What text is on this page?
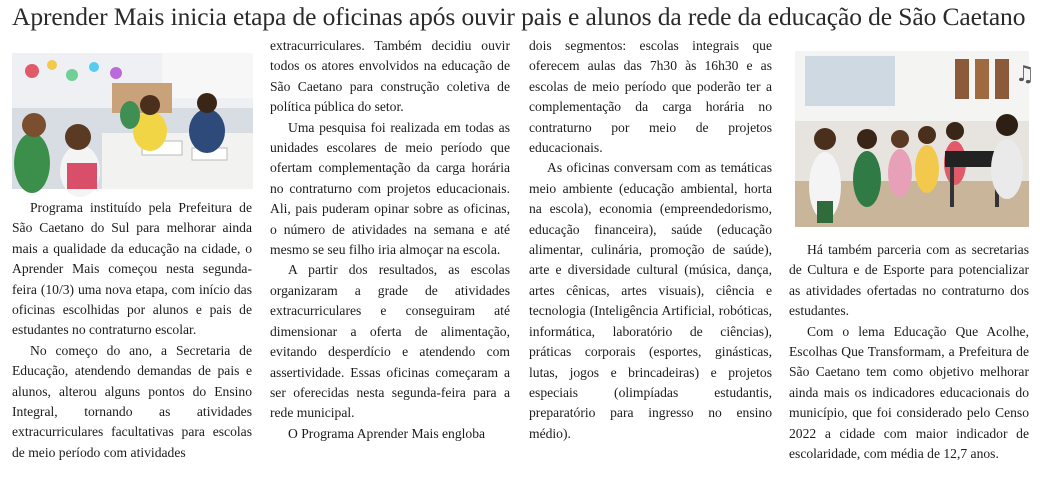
Aprender Mais inicia etapa de oficinas após ouvir pais e alunos da rede da educação de São Caetano
♫

Programa instituído pela Prefeitura de São Caetano do Sul para melhorar ainda mais a qualidade da educação na cidade, o Aprender Mais começou nesta segunda-feira (10/3) uma nova etapa, com início das oficinas escolhidas por alunos e pais de estudantes no contraturno escolar.

No começo do ano, a Secretaria de Educação, atendendo demandas de pais e alunos, alterou alguns pontos do Ensino Integral, tornando as atividades extracurriculares facultativas para escolas de meio período com atividades

extracurriculares. Também decidiu ouvir todos os atores envolvidos na educação de São Caetano para construção coletiva de política pública do setor.

Uma pesquisa foi realizada em todas as unidades escolares de meio período que ofertam complementação da carga horária no contraturno com projetos educacionais. Ali, pais puderam opinar sobre as oficinas, o número de atividades na semana e até mesmo se seu filho iria almoçar na escola.

A partir dos resultados, as escolas organizaram a grade de atividades extracurriculares e conseguiram até dimensionar a oferta de alimentação, evitando desperdício e atendendo com assertividade. Essas oficinas começaram a ser oferecidas nesta segunda-feira para a rede municipal.

O Programa Aprender Mais engloba

dois segmentos: escolas integrais que oferecem aulas das 7h30 às 16h30 e as escolas de meio período que poderão ter a complementação da carga horária no contraturno por meio de projetos educacionais.

As oficinas conversam com as temáticas meio ambiente (educação ambiental, horta na escola), economia (empreendedorismo, educação financeira), saúde (educação alimentar, culinária, promoção de saúde), arte e diversidade cultural (música, dança, artes cênicas, artes visuais), ciência e tecnologia (Inteligência Artificial, robóticas, informática, laboratório de ciências), práticas corporais (esportes, ginásticas, lutas, jogos e brincadeiras) e projetos especiais (olimpíadas estudantis, preparatório para ingresso no ensino médio).

Há também parceria com as secretarias de Cultura e de Esporte para potencializar as atividades ofertadas no contraturno dos estudantes.

Com o lema Educação Que Acolhe, Escolhas Que Transformam, a Prefeitura de São Caetano tem como objetivo melhorar ainda mais os indicadores educacionais do município, que foi considerado pelo Censo 2022 a cidade com maior indicador de escolaridade, com média de 12,7 anos.
